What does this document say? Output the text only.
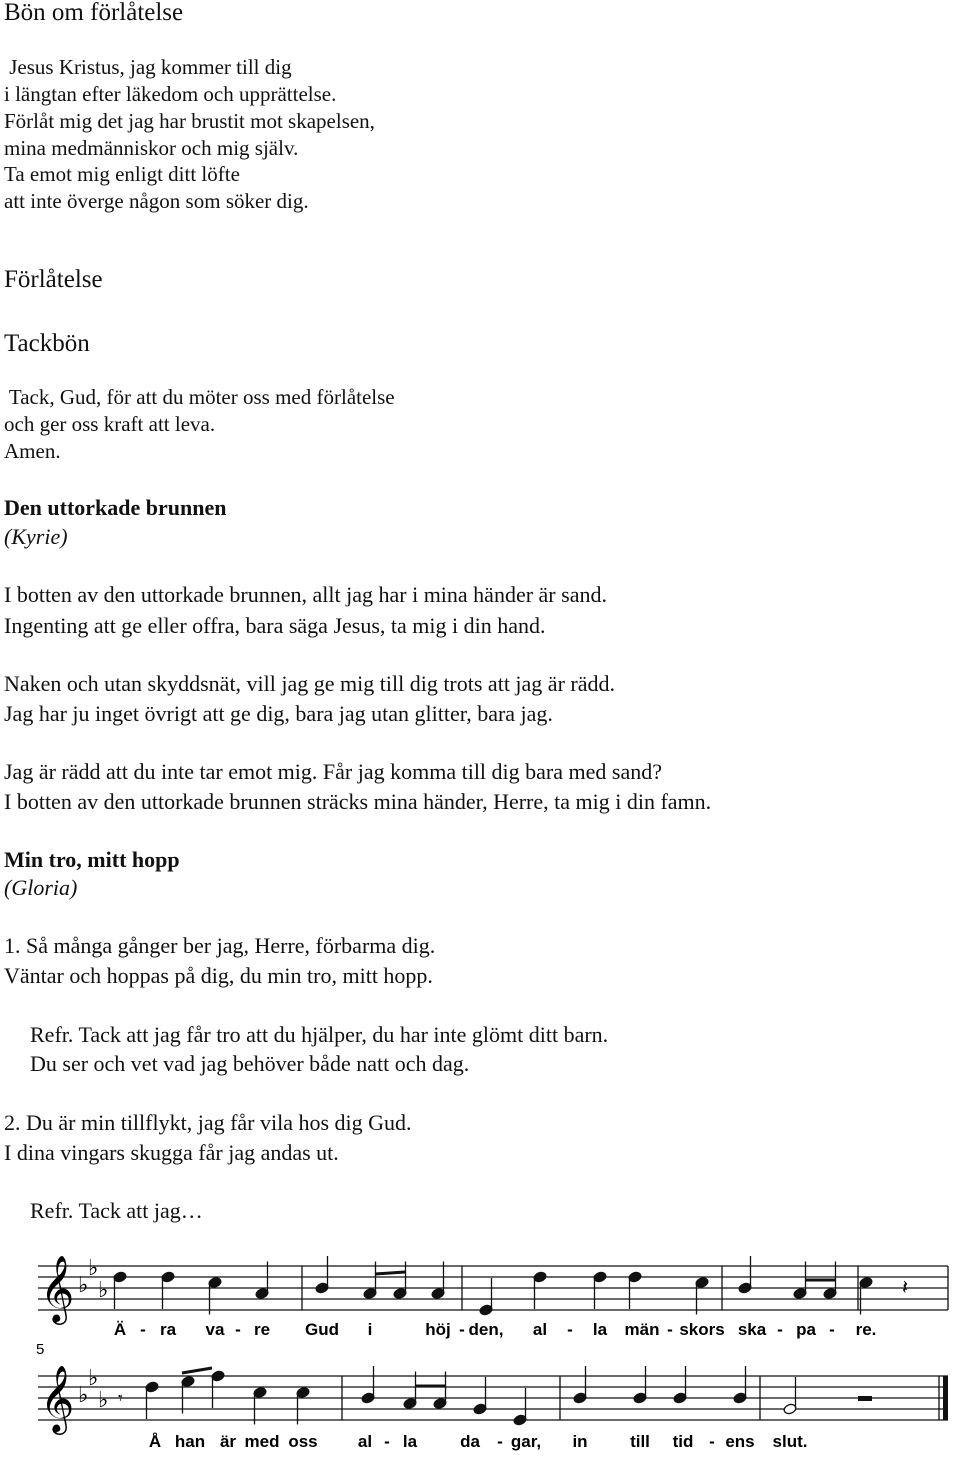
Bön om förlåtelse
Jesus Kristus, jag kommer till dig
i längtan efter läkedom och upprättelse.
Förlåt mig det jag har brustit mot skapelsen,
mina medmänniskor och mig själv.
Ta emot mig enligt ditt löfte
att inte överge någon som söker dig.
Förlåtelse
Tackbön
Tack, Gud, för att du möter oss med förlåtelse
och ger oss kraft att leva.
Amen.
Den uttorkade brunnen
(Kyrie)
I botten av den uttorkade brunnen, allt jag har i mina händer är sand.
Ingenting att ge eller offra, bara säga Jesus, ta mig i din hand.
Naken och utan skyddsnät, vill jag ge mig till dig trots att jag är rädd.
Jag har ju inget övrigt att ge dig, bara jag utan glitter, bara jag.
Jag är rädd att du inte tar emot mig. Får jag komma till dig bara med sand?
I botten av den uttorkade brunnen sträcks mina händer, Herre, ta mig i din famn.
Min tro, mitt hopp
(Gloria)
1. Så många gånger ber jag, Herre, förbarma dig.
Väntar och hoppas på dig, du min tro, mitt hopp.
Refr. Tack att jag får tro att du hjälper, du har inte glömt ditt barn.
Du ser och vet vad jag behöver både natt och dag.
2. Du är min tillflykt, jag får vila hos dig Gud.
I dina vingars skugga får jag andas ut.
Refr. Tack att jag…
𝄞 ♭
♭
♭	𝄽
𝄞 ♭
♭
♭ 𝄾
Ä - ra va - re Gud i	höj - den, al - la män - skors ska - pa - re.
Å han är med oss al - la	da - gar, in	till tid - ens slut.
5
